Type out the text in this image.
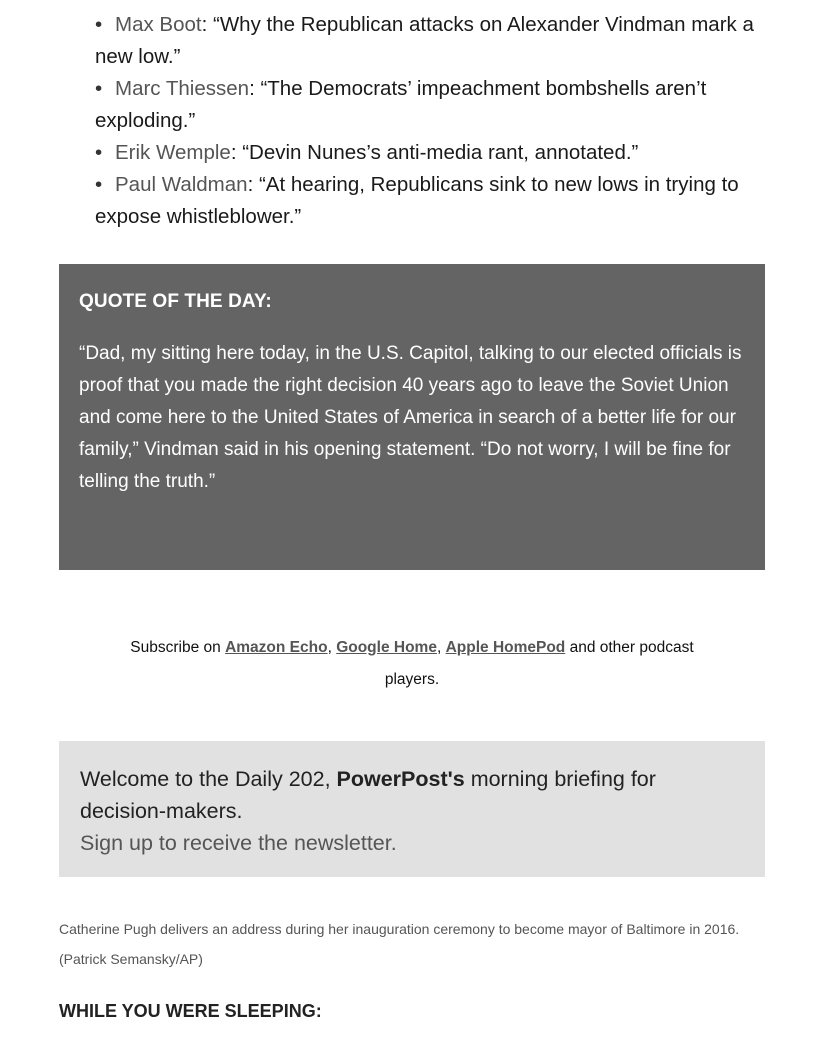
• Max Boot: “Why the Republican attacks on Alexander Vindman mark a new low.”
• Marc Thiessen: “The Democrats’ impeachment bombshells aren’t exploding.”
• Erik Wemple: “Devin Nunes’s anti-media rant, annotated.”
• Paul Waldman: “At hearing, Republicans sink to new lows in trying to expose whistleblower.”

QUOTE OF THE DAY:

“Dad, my sitting here today, in the U.S. Capitol, talking to our elected officials is proof that you made the right decision 40 years ago to leave the Soviet Union and come here to the United States of America in search of a better life for our family,” Vindman said in his opening statement. “Do not worry, I will be fine for telling the truth.”

Subscribe on Amazon Echo, Google Home, Apple HomePod and other podcast players.
Welcome to the Daily 202, PowerPost's morning briefing for decision-makers.
Sign up to receive the newsletter.

Catherine Pugh delivers an address during her inauguration ceremony to become mayor of Baltimore in 2016. (Patrick Semansky/AP)

WHILE YOU WERE SLEEPING:
